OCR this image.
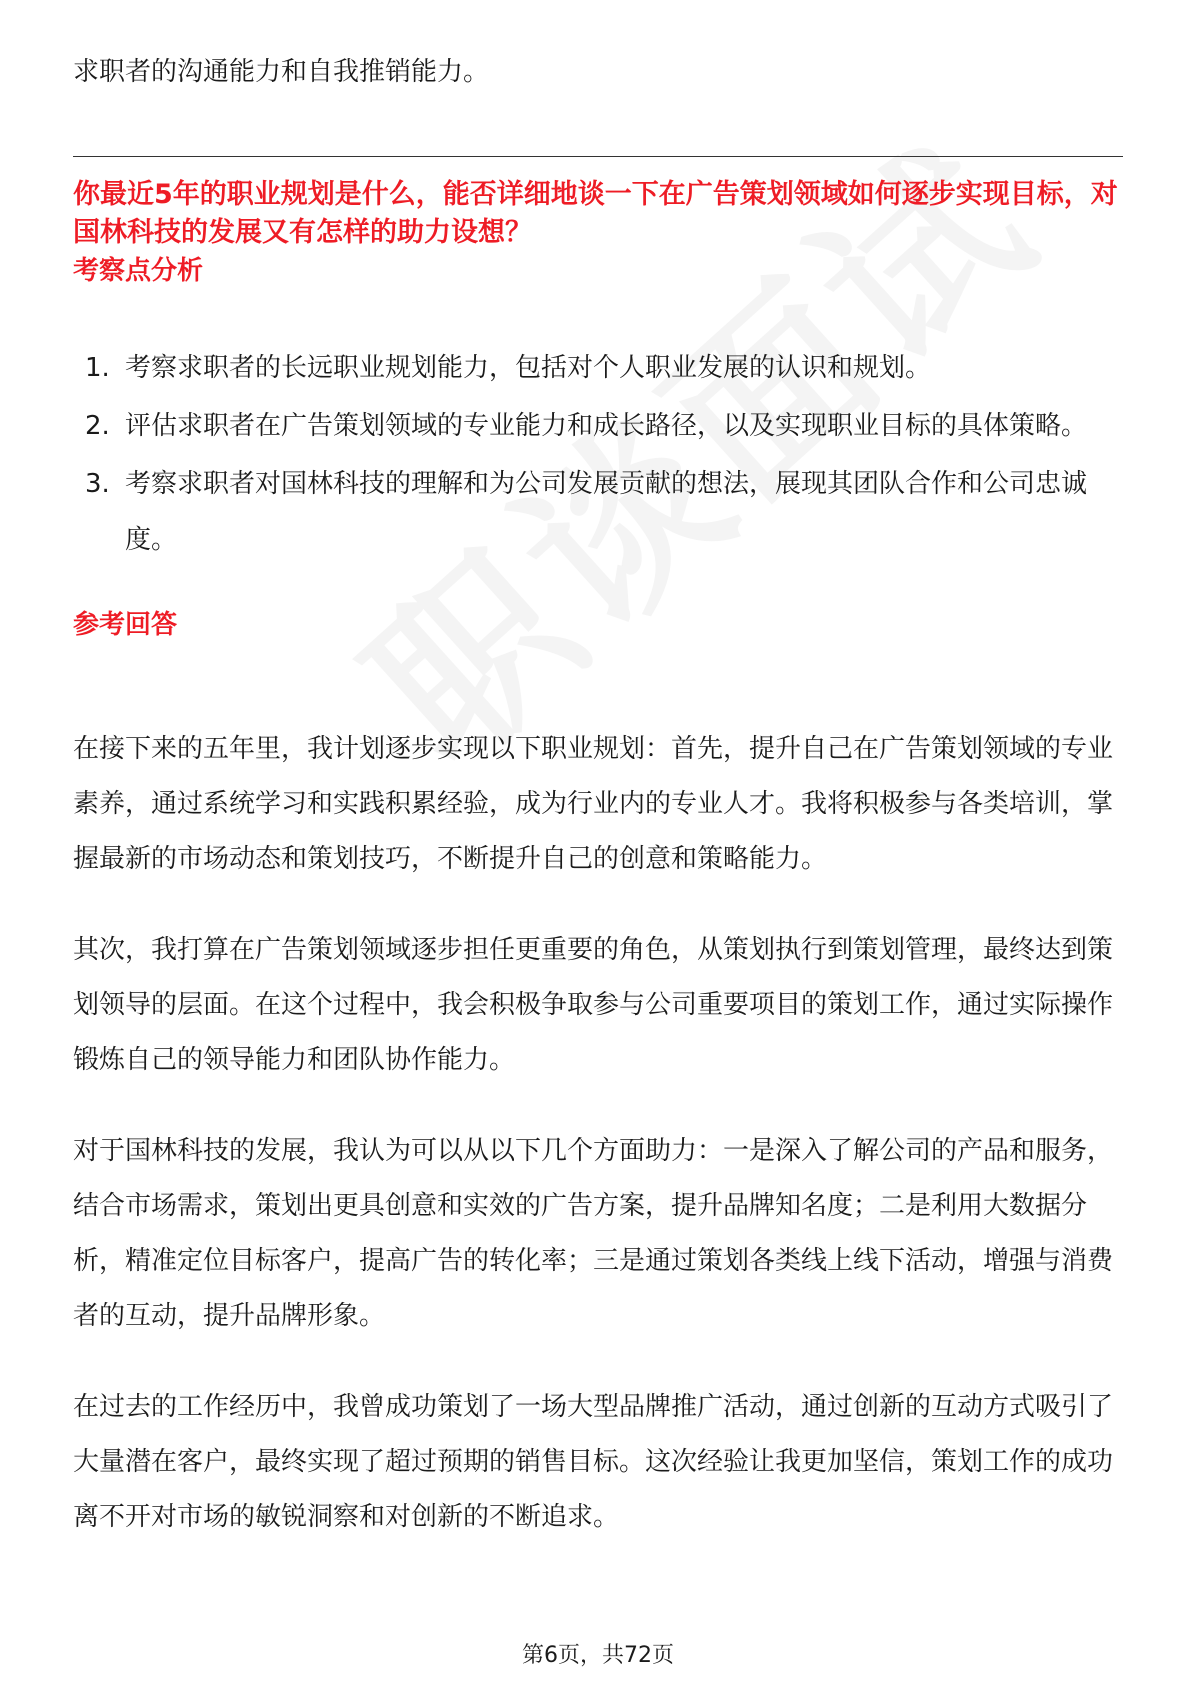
求职者的沟通能力和自我推销能力。
你最近5年的职业规划是什么，能否详细地谈一下在广告策划领域如何逐步实现目标，对国林科技的发展又有怎样的助力设想？
考察点分析
1. 考察求职者的长远职业规划能力，包括对个人职业发展的认识和规划。
2. 评估求职者在广告策划领域的专业能力和成长路径，以及实现职业目标的具体策略。
3. 考察求职者对国林科技的理解和为公司发展贡献的想法，展现其团队合作和公司忠诚度。
参考回答

在接下来的五年里，我计划逐步实现以下职业规划：首先，提升自己在广告策划领域的专业素养，通过系统学习和实践积累经验，成为行业内的专业人才。我将积极参与各类培训，掌握最新的市场动态和策划技巧，不断提升自己的创意和策略能力。

其次，我打算在广告策划领域逐步担任更重要的角色，从策划执行到策划管理，最终达到策划领导的层面。在这个过程中，我会积极争取参与公司重要项目的策划工作，通过实际操作锻炼自己的领导能力和团队协作能力。

对于国林科技的发展，我认为可以从以下几个方面助力：一是深入了解公司的产品和服务，结合市场需求，策划出更具创意和实效的广告方案，提升品牌知名度；二是利用大数据分析，精准定位目标客户，提高广告的转化率；三是通过策划各类线上线下活动，增强与消费者的互动，提升品牌形象。

在过去的工作经历中，我曾成功策划了一场大型品牌推广活动，通过创新的互动方式吸引了大量潜在客户，最终实现了超过预期的销售目标。这次经验让我更加坚信，策划工作的成功离不开对市场的敏锐洞察和对创新的不断追求。

第6页，共72页
